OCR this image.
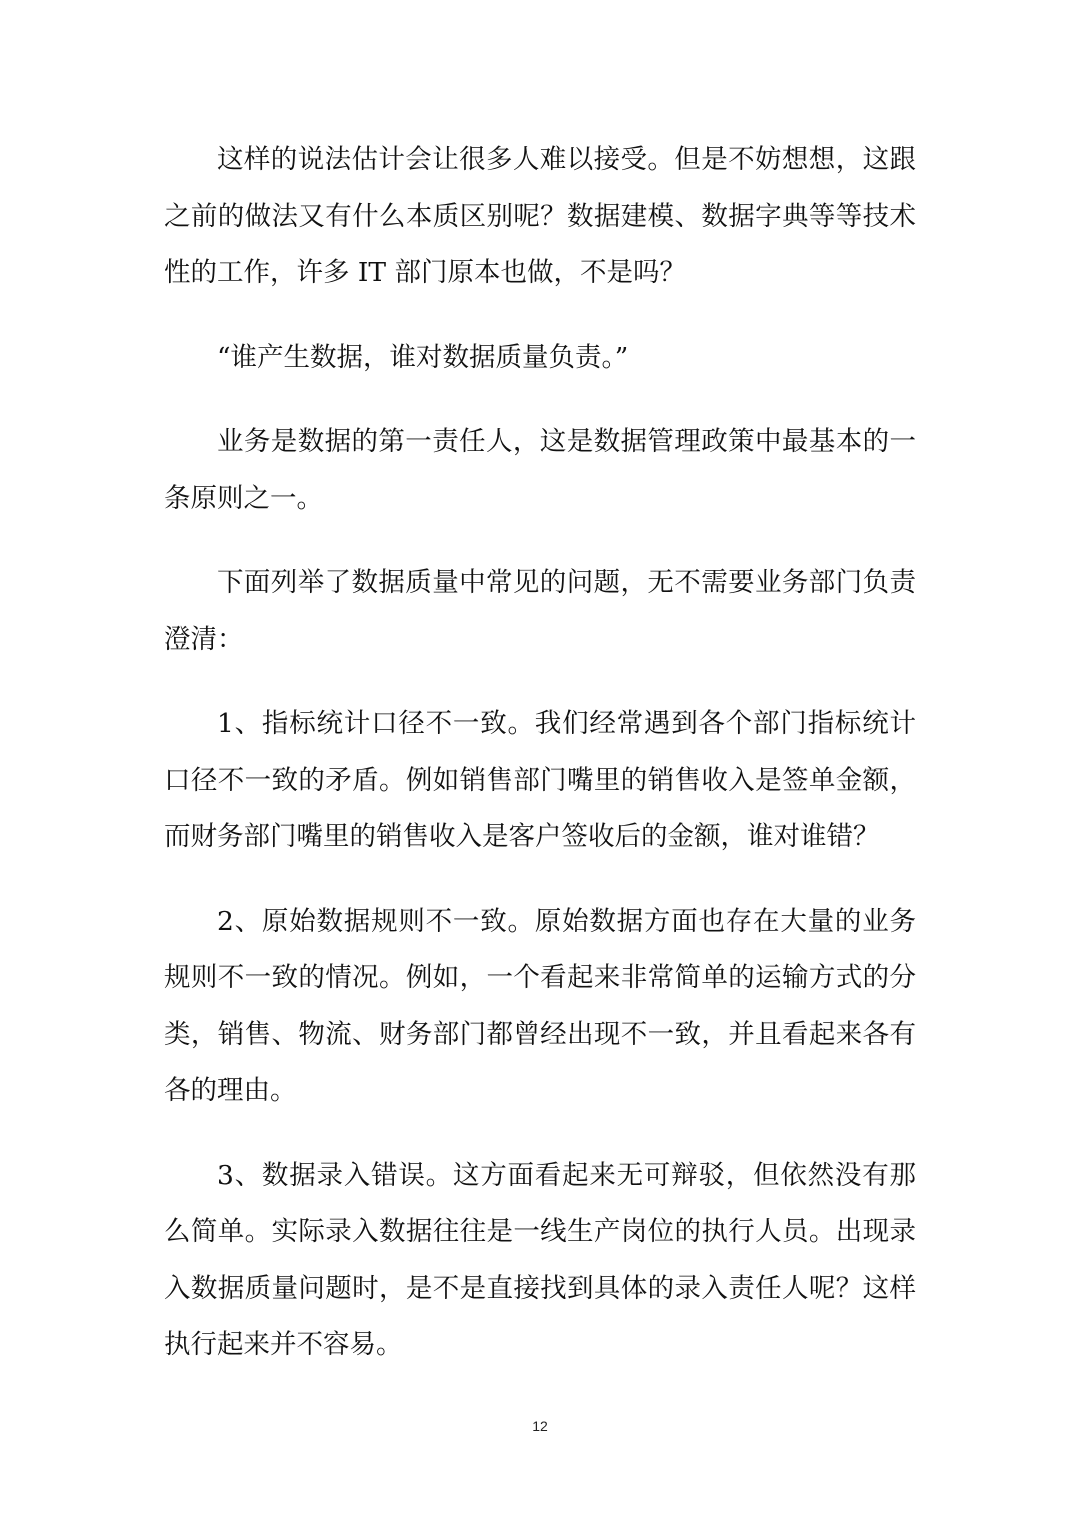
这样的说法估计会让很多人难以接受。但是不妨想想，这跟之前的做法又有什么本质区别呢？数据建模、数据字典等等技术性的工作，许多 IT 部门原本也做，不是吗？

“谁产生数据，谁对数据质量负责。”

业务是数据的第一责任人，这是数据管理政策中最基本的一条原则之一。

下面列举了数据质量中常见的问题，无不需要业务部门负责澄清：

1、指标统计口径不一致。我们经常遇到各个部门指标统计口径不一致的矛盾。例如销售部门嘴里的销售收入是签单金额，而财务部门嘴里的销售收入是客户签收后的金额，谁对谁错？

2、原始数据规则不一致。原始数据方面也存在大量的业务规则不一致的情况。例如，一个看起来非常简单的运输方式的分类，销售、物流、财务部门都曾经出现不一致，并且看起来各有各的理由。

3、数据录入错误。这方面看起来无可辩驳，但依然没有那么简单。实际录入数据往往是一线生产岗位的执行人员。出现录入数据质量问题时，是不是直接找到具体的录入责任人呢？这样执行起来并不容易。

12
